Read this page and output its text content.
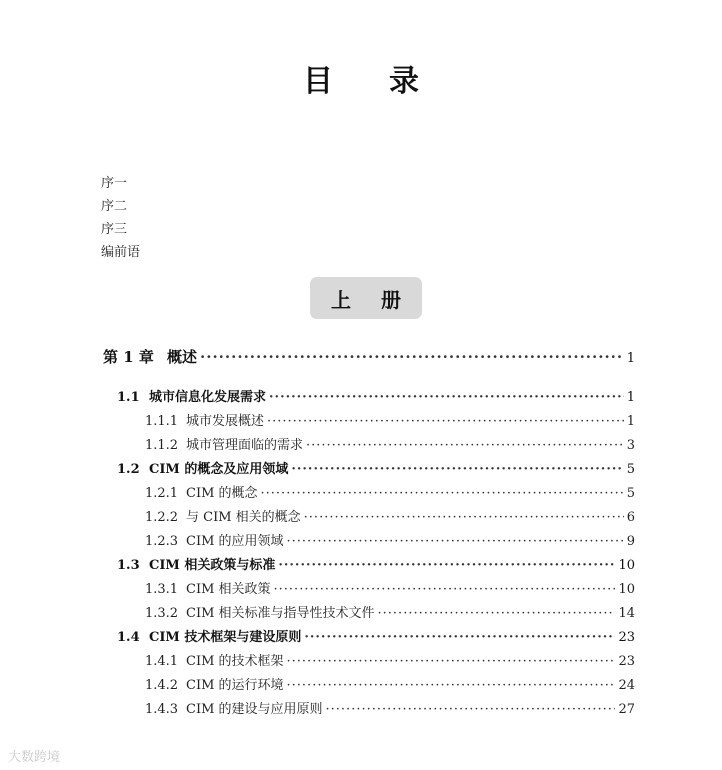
目 录
序一
序二
序三
编前语
上 册
第 1 章 概述 ·····	1
1.1 城市信息化发展需求 ·····	1
1.1.1 城市发展概述 ·····	1
1.1.2 城市管理面临的需求 ·····	3
1.2 CIM 的概念及应用领域 ·····	5
1.2.1 CIM 的概念 ·····	5
1.2.2 与 CIM 相关的概念 ·····	6
1.2.3 CIM 的应用领域 ·····	9
1.3 CIM 相关政策与标准 ·····	10
1.3.1 CIM 相关政策 ·····	10
1.3.2 CIM 相关标准与指导性技术文件 ·····	14
1.4 CIM 技术框架与建设原则 ·····	23
1.4.1 CIM 的技术框架 ·····	23
1.4.2 CIM 的运行环境 ·····	24
1.4.3 CIM 的建设与应用原则 ·····	27
大数跨境
